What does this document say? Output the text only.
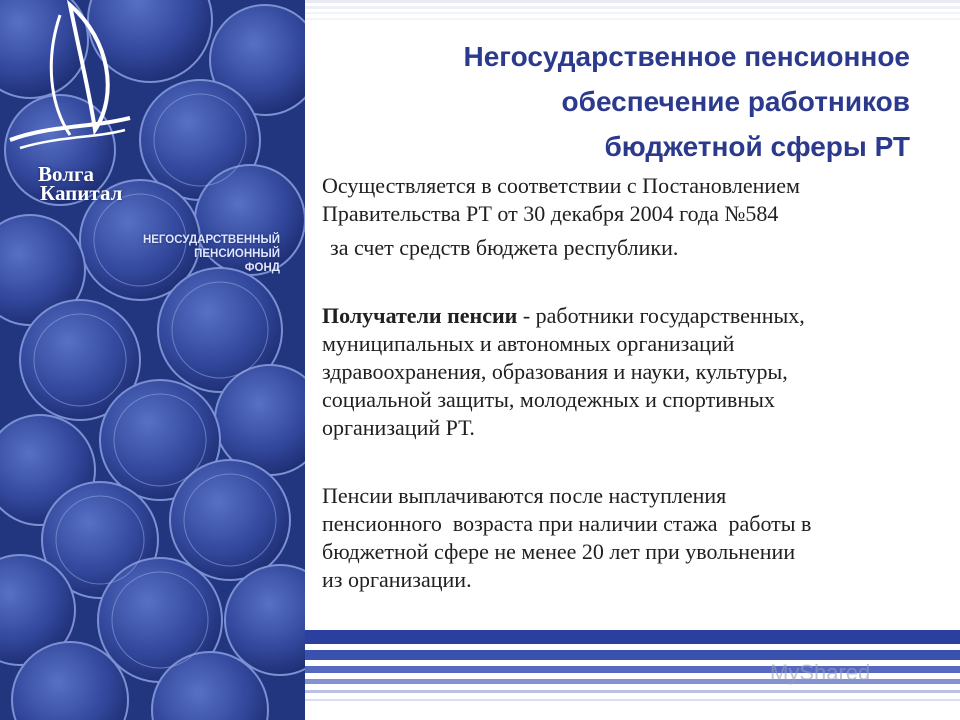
Волга
Капитал
НЕГОСУДАРСТВЕННЫЙ
ПЕНСИОННЫЙ
ФОНД
Негосударственное пенсионное
обеспечение работников
бюджетной сферы РТ
Осуществляется в соответствии с Постановлением
Правительства РТ от 30 декабря 2004 года №584
за счет средств бюджета республики.
Получатели пенсии - работники государственных,
муниципальных и автономных организаций
здравоохранения, образования и науки, культуры,
социальной защиты, молодежных и спортивных
организаций РТ.
Пенсии выплачиваются после наступления
пенсионного  возраста при наличии стажа  работы в
бюджетной сфере не менее 20 лет при увольнении
из организации.
MyShared
